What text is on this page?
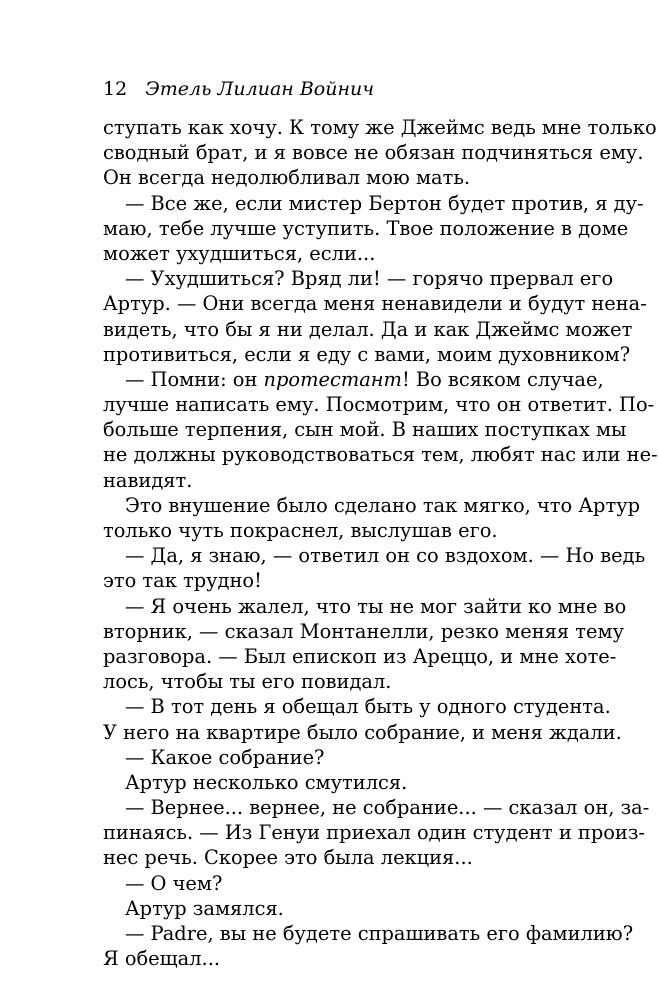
12 Этель Лилиан Войнич
ступать как хочу. К тому же Джеймс ведь мне только
сводный брат, и я вовсе не обязан подчиняться ему.
Он всегда недолюбливал мою мать.
— Все же, если мистер Бертон будет против, я ду-
маю, тебе лучше уступить. Твое положение в доме
может ухудшиться, если...
— Ухудшиться? Вряд ли! — горячо прервал его
Артур. — Они всегда меня ненавидели и будут нена-
видеть, что бы я ни делал. Да и как Джеймс может
противиться, если я еду с вами, моим духовником?
— Помни: он протестант! Во всяком случае,
лучше написать ему. Посмотрим, что он ответит. По-
больше терпения, сын мой. В наших поступках мы
не должны руководствоваться тем, любят нас или не-
навидят.
Это внушение было сделано так мягко, что Артур
только чуть покраснел, выслушав его.
— Да, я знаю, — ответил он со вздохом. — Но ведь
это так трудно!
— Я очень жалел, что ты не мог зайти ко мне во
вторник, — сказал Монтанелли, резко меняя тему
разговора. — Был епископ из Ареццо, и мне хоте-
лось, чтобы ты его повидал.
— В тот день я обещал быть у одного студента.
У него на квартире было собрание, и меня ждали.
— Какое собрание?
Артур несколько смутился.
— Вернее... вернее, не собрание... — сказал он, за-
пинаясь. — Из Генуи приехал один студент и произ-
нес речь. Скорее это была лекция...
— О чем?
Артур замялся.
— Padre, вы не будете спрашивать его фамилию?
Я обещал...
